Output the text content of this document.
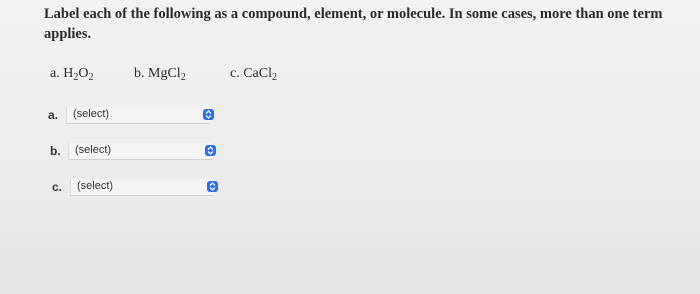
Label each of the following as a compound, element, or molecule. In some cases, more than one term applies.
a. $H_2O_2$	b. MgCl$_2$	c. CaCl$_2$
a. (select)
b. (select)
c. (select)
